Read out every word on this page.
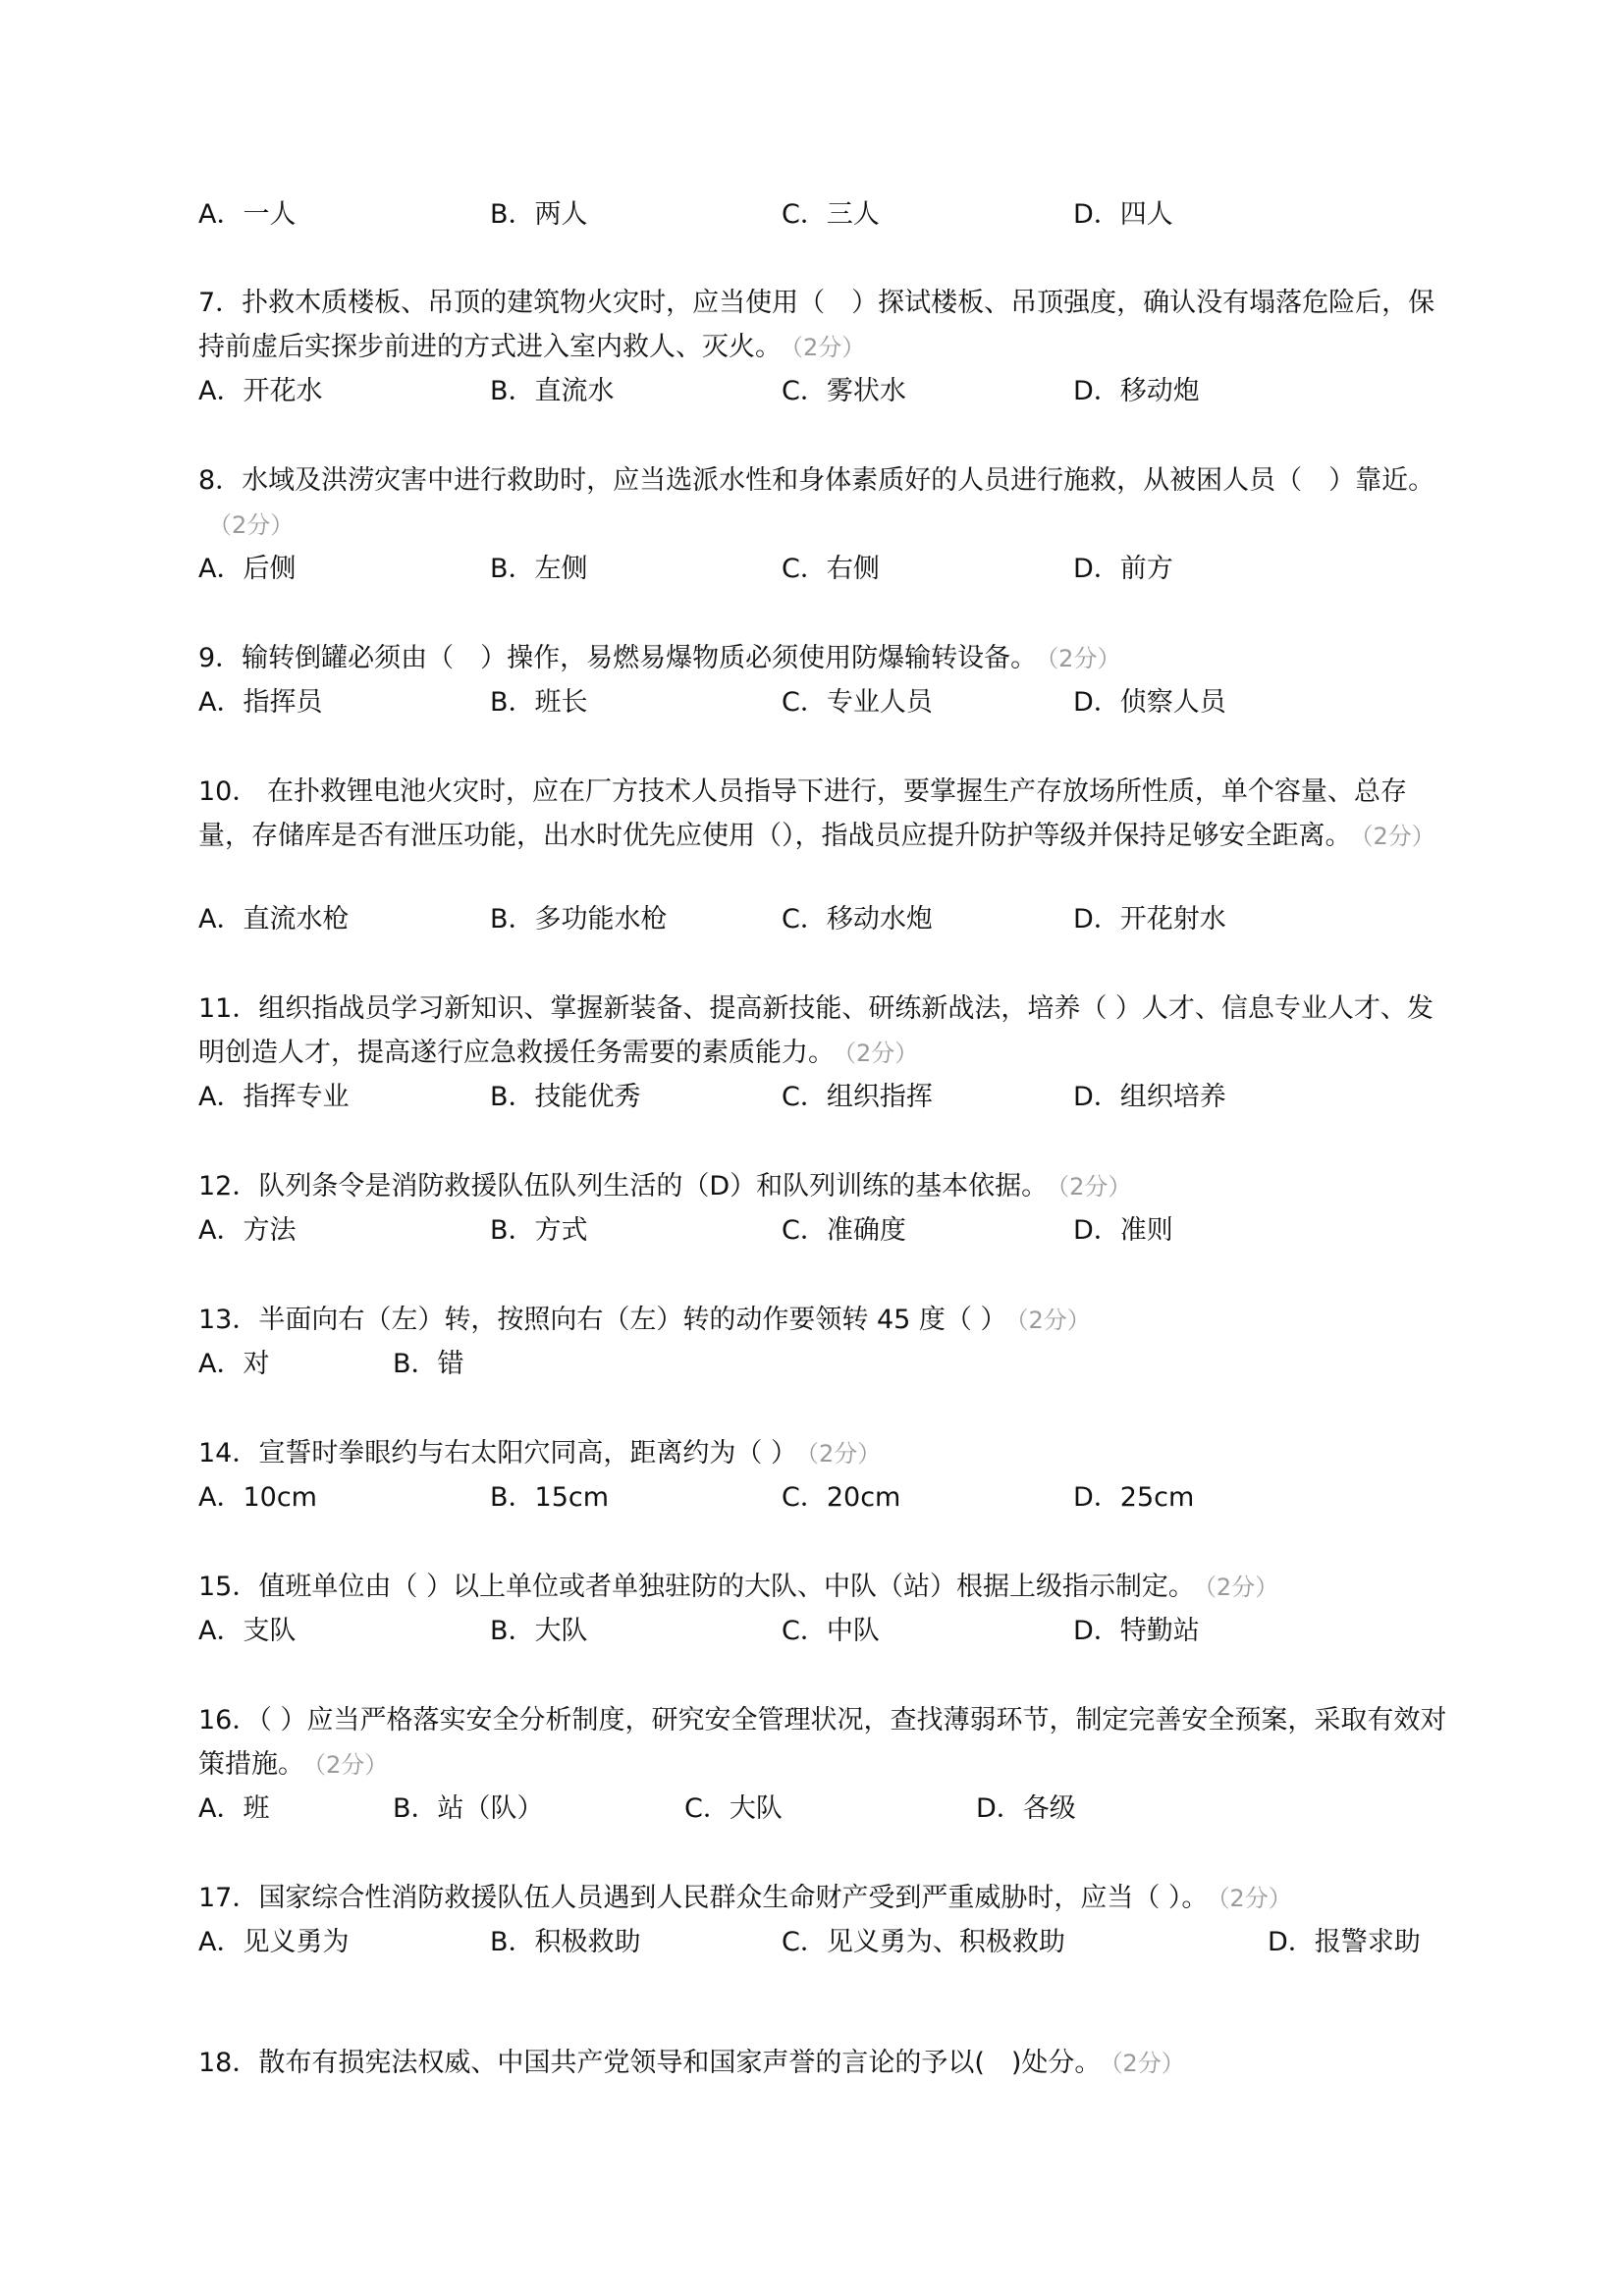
A．一人	B．两人	C．三人	D．四人
7．扑救木质楼板、吊顶的建筑物火灾时，应当使用（　）探试楼板、吊顶强度，确认没有塌落危险后，保持前虚后实探步前进的方式进入室内救人、灭火。 （2分）
A．开花水	B．直流水	C．雾状水	D．移动炮
8．水域及洪涝灾害中进行救助时，应当选派水性和身体素质好的人员进行施救，从被困人员（　）靠近。（2分）
A．后侧	B．左侧	C．右侧	D．前方
9．输转倒罐必须由（　）操作，易燃易爆物质必须使用防爆输转设备。 （2分）
A．指挥员	B．班长	C．专业人员	D．侦察人员
10． 在扑救锂电池火灾时，应在厂方技术人员指导下进行，要掌握生产存放场所性质，单个容量、总存量，存储库是否有泄压功能，出水时优先应使用（），指战员应提升防护等级并保持足够安全距离。 （2分）
A．直流水枪	B．多功能水枪	C．移动水炮	D．开花射水
11．组织指战员学习新知识、掌握新装备、提高新技能、研练新战法，培养（ ）人才、信息专业人才、发明创造人才，提高遂行应急救援任务需要的素质能力。 （2分）
A．指挥专业	B．技能优秀	C．组织指挥	D．组织培养
12．队列条令是消防救援队伍队列生活的（D）和队列训练的基本依据。 （2分）
A．方法	B．方式	C．准确度	D．准则
13．半面向右（左）转，按照向右（左）转的动作要领转 45 度（ ） （2分）
A．对	B．错
14．宣誓时拳眼约与右太阳穴同高，距离约为（ ） （2分）
A．10cm	B．15cm	C．20cm	D．25cm
15．值班单位由（ ）以上单位或者单独驻防的大队、中队（站）根据上级指示制定。 （2分）
A．支队	B．大队	C．中队	D．特勤站
16．（ ）应当严格落实安全分析制度，研究安全管理状况，查找薄弱环节，制定完善安全预案，采取有效对策措施。 （2分）
A．班	B．站（队）	C．大队	D．各级
17．国家综合性消防救援队伍人员遇到人民群众生命财产受到严重威胁时，应当（ ）。 （2分）
A．见义勇为	B．积极救助	C．见义勇为、积极救助	D．报警求助
18．散布有损宪法权威、中国共产党领导和国家声誉的言论的予以(　)处分。 （2分）
